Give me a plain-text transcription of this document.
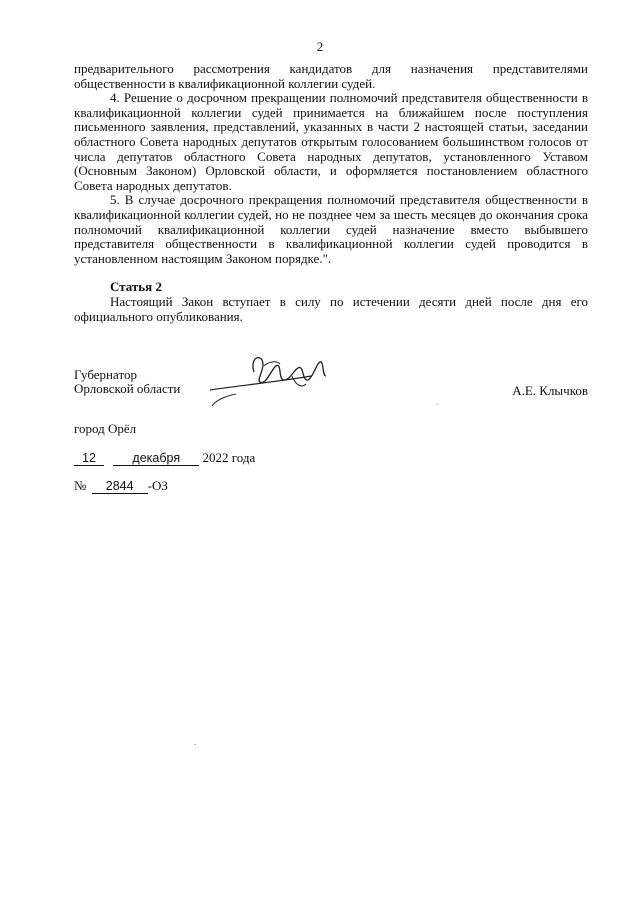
2

предварительного рассмотрения кандидатов для назначения представителями общественности в квалификационной коллегии судей.

4. Решение о досрочном прекращении полномочий представителя общественности в квалификационной коллегии судей принимается на ближайшем после поступления письменного заявления, представлений, указанных в части 2 настоящей статьи, заседании областного Совета народных депутатов открытым голосованием большинством голосов от числа депутатов областного Совета народных депутатов, установленного Уставом (Основным Законом) Орловской области, и оформляется постановлением областного Совета народных депутатов.

5. В случае досрочного прекращения полномочий представителя общественности в квалификационной коллегии судей, но не позднее чем за шесть месяцев до окончания срока полномочий квалификационной коллегии судей назначение вместо выбывшего представителя общественности в квалификационной коллегии судей проводится в установленном настоящим Законом порядке.".

Статья 2

Настоящий Закон вступает в силу по истечении десяти дней после дня его официального опубликования.

Губернатор
Орловской области	А.Е. Клычков
город Орёл
12	декабря 2022 года
№ 2844 -ОЗ
